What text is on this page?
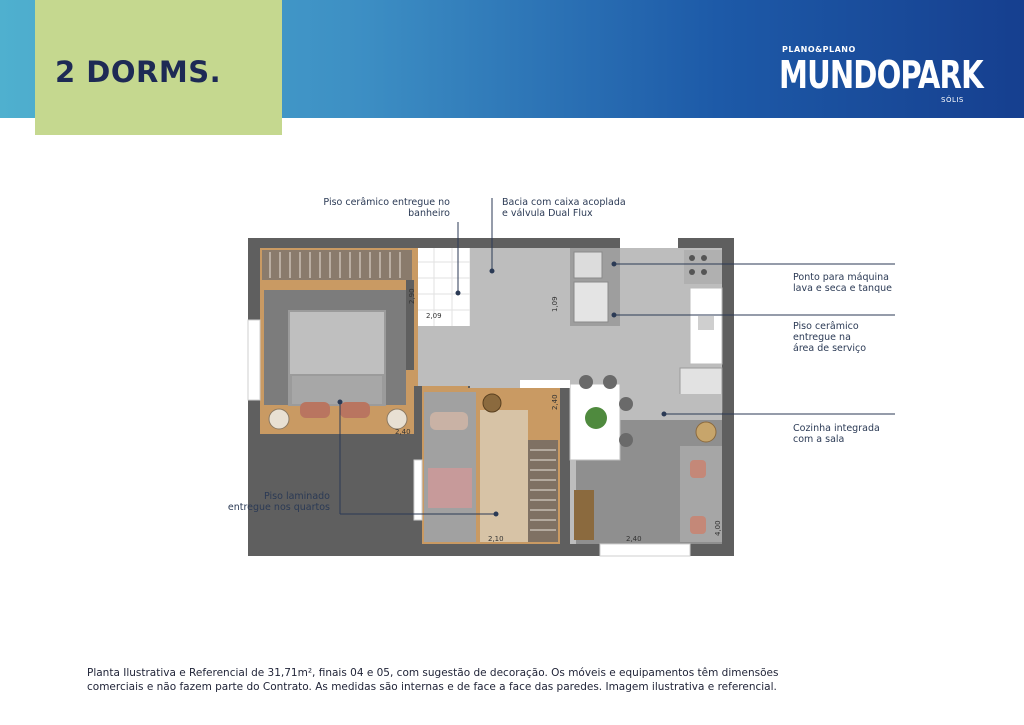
2 DORMS.
PLANO&PLANO
MUNDOPARK
SÓLIS
2,09
1,09
2,90
2,40
2,40
2,10	2,40
4,00
Piso cerâmico entregue no
banheiro
Bacia com caixa acoplada
e válvula Dual Flux
Ponto para máquina
lava e seca e tanque
Piso cerâmico
entregue na
área de serviço
Cozinha integrada
com a sala
Piso laminado
entregue nos quartos
Planta Ilustrativa e Referencial de 31,71m², finais 04 e 05, com sugestão de decoração. Os móveis e equipamentos têm dimensões
comerciais e não fazem parte do Contrato. As medidas são internas e de face a face das paredes. Imagem ilustrativa e referencial.
